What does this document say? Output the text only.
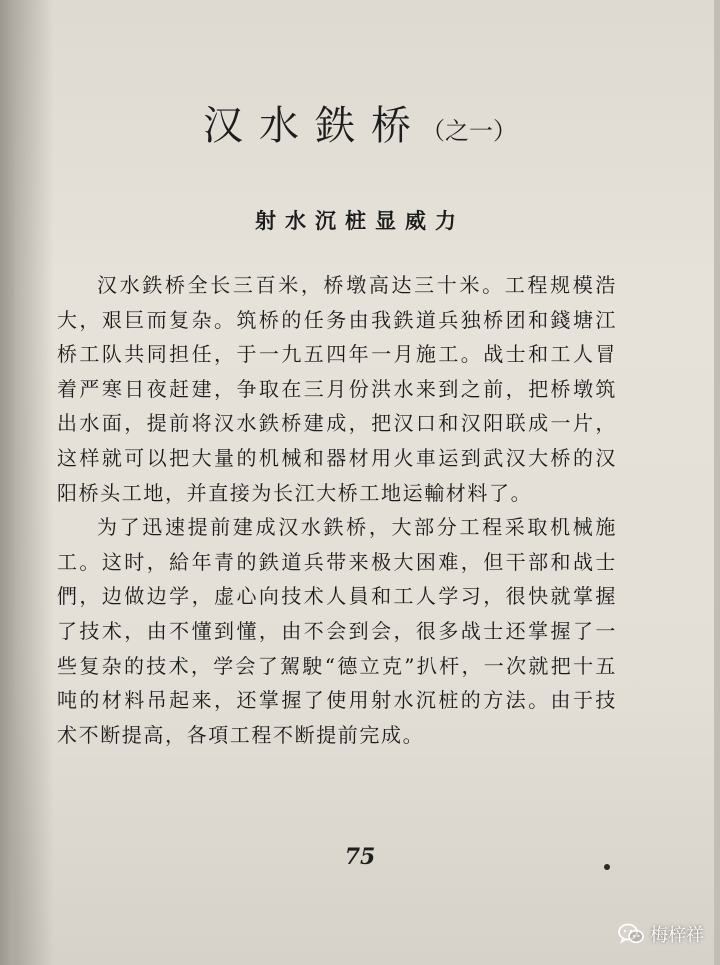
汉水鉄桥（之一）
射水沉桩显威力

汉水鉄桥全长三百米，桥墩高达三十米。工程规模浩大，艰巨而复杂。筑桥的任务由我鉄道兵独桥团和錢塘江桥工队共同担任，于一九五四年一月施工。战士和工人冒着严寒日夜赶建，争取在三月份洪水来到之前，把桥墩筑出水面，提前将汉水鉄桥建成，把汉口和汉阳联成一片，这样就可以把大量的机械和器材用火車运到武汉大桥的汉阳桥头工地，并直接为长江大桥工地运輸材料了。

为了迅速提前建成汉水鉄桥，大部分工程采取机械施工。这时，給年青的鉄道兵带来极大困难，但干部和战士們，边做边学，虚心向技术人員和工人学习，很快就掌握了技术，由不懂到懂，由不会到会，很多战士还掌握了一些复杂的技术，学会了駕駛“德立克”扒杆，一次就把十五吨的材料吊起来，还掌握了使用射水沉桩的方法。由于技术不断提高，各項工程不断提前完成。

75
梅梓祥
